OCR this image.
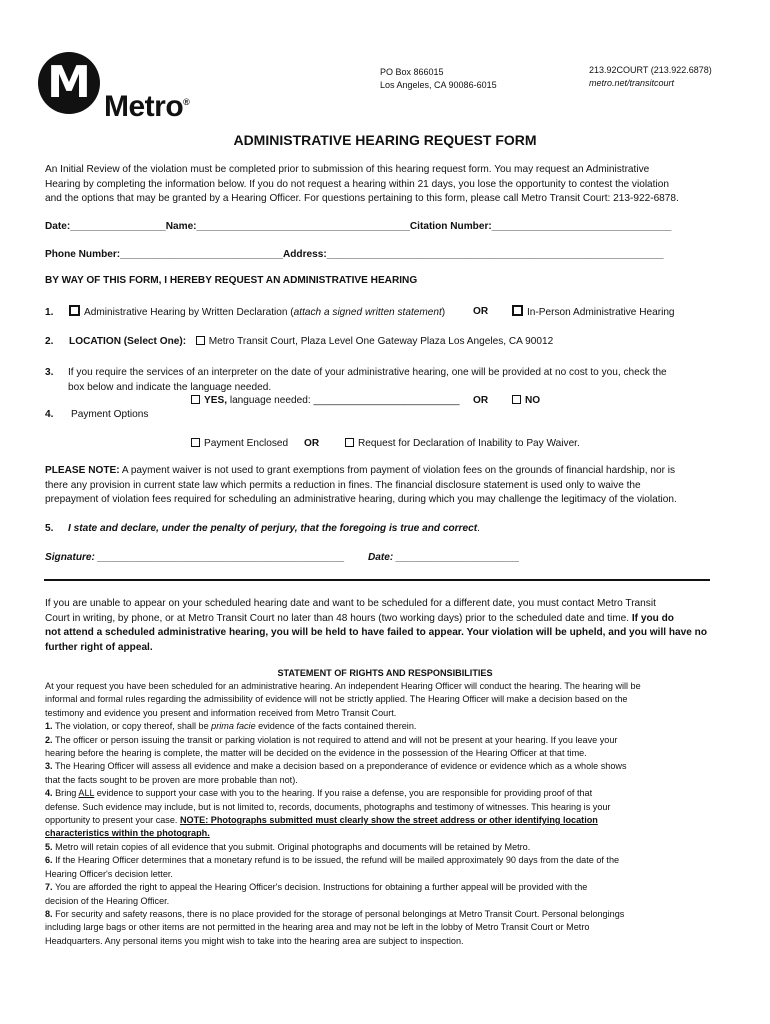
M Metro®
PO Box 866015
Los Angeles, CA 90086-6015
213.92COURT (213.922.6878)
metro.net/transitcourt
ADMINISTRATIVE HEARING REQUEST FORM
An Initial Review of the violation must be completed prior to submission of this hearing request form. You may request an Administrative
Hearing by completing the information below. If you do not request a hearing within 21 days, you lose the opportunity to contest the violation
and the options that may be granted by a Hearing Officer. For questions pertaining to this form, please call Metro Transit Court: 213-922-6878.
Date:_________________Name:______________________________________Citation Number:________________________________
Phone Number:_____________________________Address:____________________________________________________________
BY WAY OF THIS FORM, I HEREBY REQUEST AN ADMINISTRATIVE HEARING
1.	Administrative Hearing by Written Declaration (attach a signed written statement)	OR	In-Person Administrative Hearing
2. LOCATION (Select One): Metro Transit Court, Plaza Level One Gateway Plaza Los Angeles, CA 90012
3. If you require the services of an interpreter on the date of your administrative hearing, one will be provided at no cost to you, check the
box below and indicate the language needed.
YES, language needed: __________________________ OR	NO
4. Payment Options
Payment Enclosed OR	Request for Declaration of Inability to Pay Waiver.
PLEASE NOTE: A payment waiver is not used to grant exemptions from payment of violation fees on the grounds of financial hardship, nor is
there any provision in current state law which permits a reduction in fines. The financial disclosure statement is used only to waive the
prepayment of violation fees required for scheduling an administrative hearing, during which you may challenge the legitimacy of the violation.
5. I state and declare, under the penalty of perjury, that the foregoing is true and correct.
Signature: ____________________________________________ Date: ______________________
If you are unable to appear on your scheduled hearing date and want to be scheduled for a different date, you must contact Metro Transit
Court in writing, by phone, or at Metro Transit Court no later than 48 hours (two working days) prior to the scheduled date and time. If you do
not attend a scheduled administrative hearing, you will be held to have failed to appear. Your violation will be upheld, and you will have no
further right of appeal.
STATEMENT OF RIGHTS AND RESPONSIBILITIES
At your request you have been scheduled for an administrative hearing. An independent Hearing Officer will conduct the hearing. The hearing will be
informal and formal rules regarding the admissibility of evidence will not be strictly applied. The Hearing Officer will make a decision based on the
testimony and evidence you present and information received from Metro Transit Court.
1. The violation, or copy thereof, shall be prima facie evidence of the facts contained therein.
2. The officer or person issuing the transit or parking violation is not required to attend and will not be present at your hearing. If you leave your
hearing before the hearing is complete, the matter will be decided on the evidence in the possession of the Hearing Officer at that time.
3. The Hearing Officer will assess all evidence and make a decision based on a preponderance of evidence or evidence which as a whole shows
that the facts sought to be proven are more probable than not).
4. Bring ALL evidence to support your case with you to the hearing. If you raise a defense, you are responsible for providing proof of that
defense. Such evidence may include, but is not limited to, records, documents, photographs and testimony of witnesses. This hearing is your
opportunity to present your case. NOTE: Photographs submitted must clearly show the street address or other identifying location
characteristics within the photograph.
5. Metro will retain copies of all evidence that you submit. Original photographs and documents will be retained by Metro.
6. If the Hearing Officer determines that a monetary refund is to be issued, the refund will be mailed approximately 90 days from the date of the
Hearing Officer's decision letter.
7. You are afforded the right to appeal the Hearing Officer's decision. Instructions for obtaining a further appeal will be provided with the
decision of the Hearing Officer.
8. For security and safety reasons, there is no place provided for the storage of personal belongings at Metro Transit Court. Personal belongings
including large bags or other items are not permitted in the hearing area and may not be left in the lobby of Metro Transit Court or Metro
Headquarters. Any personal items you might wish to take into the hearing area are subject to inspection.
